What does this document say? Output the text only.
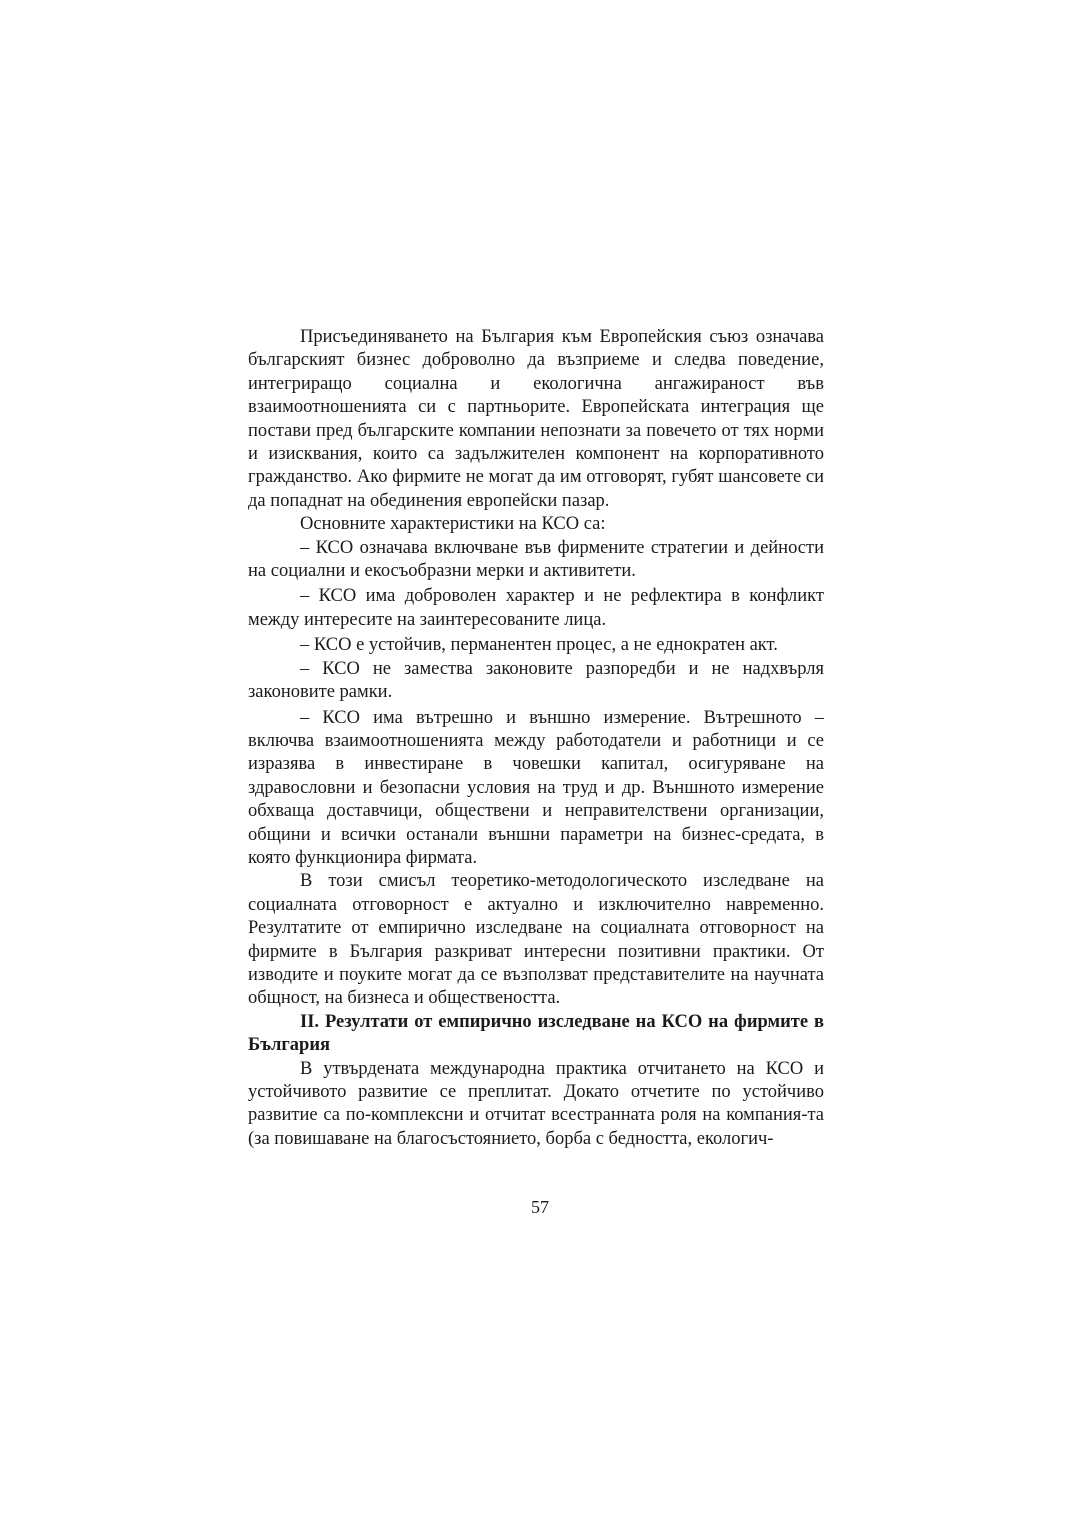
Присъединяването на България към Европейския съюз означава българският бизнес доброволно да възприеме и следва поведение, интегриращо социална и екологична ангажираност във взаимоотношенията си с партньорите. Европейската интеграция ще постави пред българските компании непознати за повечето от тях норми и изисквания, които са задължителен компонент на корпоративното гражданство. Ако фирмите не могат да им отговорят, губят шансовете си да попаднат на обединения европейски пазар.

Основните характеристики на КСО са:

– КСО означава включване във фирмените стратегии и дейности на социални и екосъобразни мерки и активитети.

– КСО има доброволен характер и не рефлектира в конфликт между интересите на заинтересованите лица.

– КСО е устойчив, перманентен процес, а не еднократен акт.

– КСО не замества законовите разпоредби и не надхвърля законовите рамки.

– КСО има вътрешно и външно измерение. Вътрешното – включва взаимоотношенията между работодатели и работници и се изразява в инвестиране в човешки капитал, осигуряване на здравословни и безопасни условия на труд и др. Външното измерение обхваща доставчици, обществени и неправителствени организации, общини и всички останали външни параметри на бизнес-средата, в която функционира фирмата.

В този смисъл теоретико-методологическото изследване на социалната отговорност е актуално и изключително навременно. Резултатите от емпирично изследване на социалната отговорност на фирмите в България разкриват интересни позитивни практики. От изводите и поуките могат да се възползват представителите на научната общност, на бизнеса и обществеността.

II. Резултати от емпирично изследване на КСО на фирмите в България

В утвърдената международна практика отчитането на КСО и устойчивото развитие се преплитат. Докато отчетите по устойчиво развитие са по-комплексни и отчитат всестранната роля на компания-та (за повишаване на благосъстоянието, борба с бедността, екологич-

57
